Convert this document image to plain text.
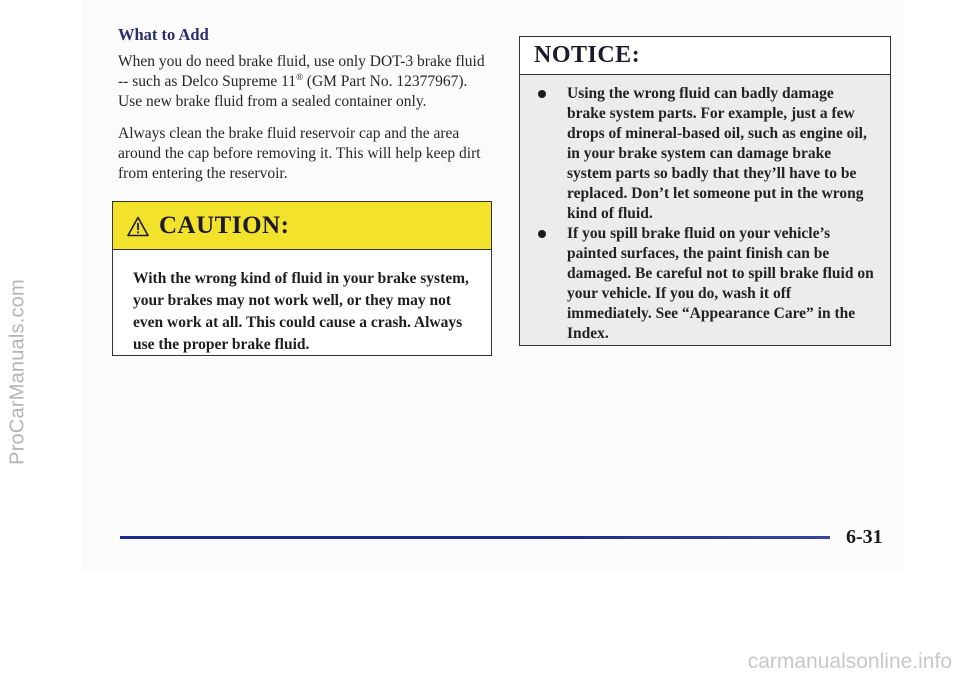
ProCarManuals.com
What to Add

When you do need brake fluid, use only DOT-3 brake fluid -- such as Delco Supreme 11® (GM Part No. 12377967). Use new brake fluid from a sealed container only.

Always clean the brake fluid reservoir cap and the area around the cap before removing it. This will help keep dirt from entering the reservoir.

CAUTION:

With the wrong kind of fluid in your brake system, your brakes may not work well, or they may not even work at all. This could cause a crash. Always use the proper brake fluid.

NOTICE:
Using the wrong fluid can badly damage brake system parts. For example, just a few drops of mineral-based oil, such as engine oil, in your brake system can damage brake system parts so badly that they’ll have to be replaced. Don’t let someone put in the wrong kind of fluid.
If you spill brake fluid on your vehicle’s painted surfaces, the paint finish can be damaged. Be careful not to spill brake fluid on your vehicle. If you do, wash it off immediately. See “Appearance Care” in the Index.
6-31
carmanualsonline.info
